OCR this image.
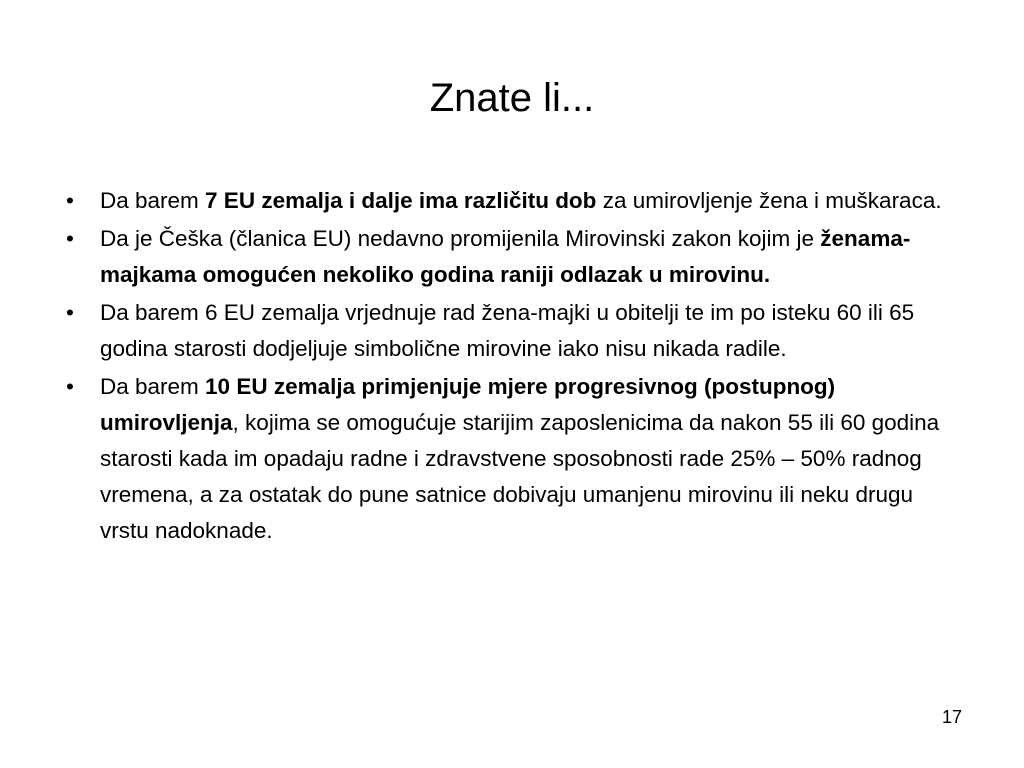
Znate li...
• Da barem 7 EU zemalja i dalje ima različitu dob za umirovljenje žena i muškaraca.
• Da je Češka (članica EU) nedavno promijenila Mirovinski zakon kojim je ženama-majkama omogućen nekoliko godina raniji odlazak u mirovinu.
• Da barem 6 EU zemalja vrjednuje rad žena-majki u obitelji te im po isteku 60 ili 65 godina starosti dodjeljuje simbolične mirovine iako nisu nikada radile.
• Da barem 10 EU zemalja primjenjuje mjere progresivnog (postupnog) umirovljenja, kojima se omogućuje starijim zaposlenicima da nakon 55 ili 60 godina starosti kada im opadaju radne i zdravstvene sposobnosti rade 25% – 50% radnog vremena, a za ostatak do pune satnice dobivaju umanjenu mirovinu ili neku drugu vrstu nadoknade.
17
